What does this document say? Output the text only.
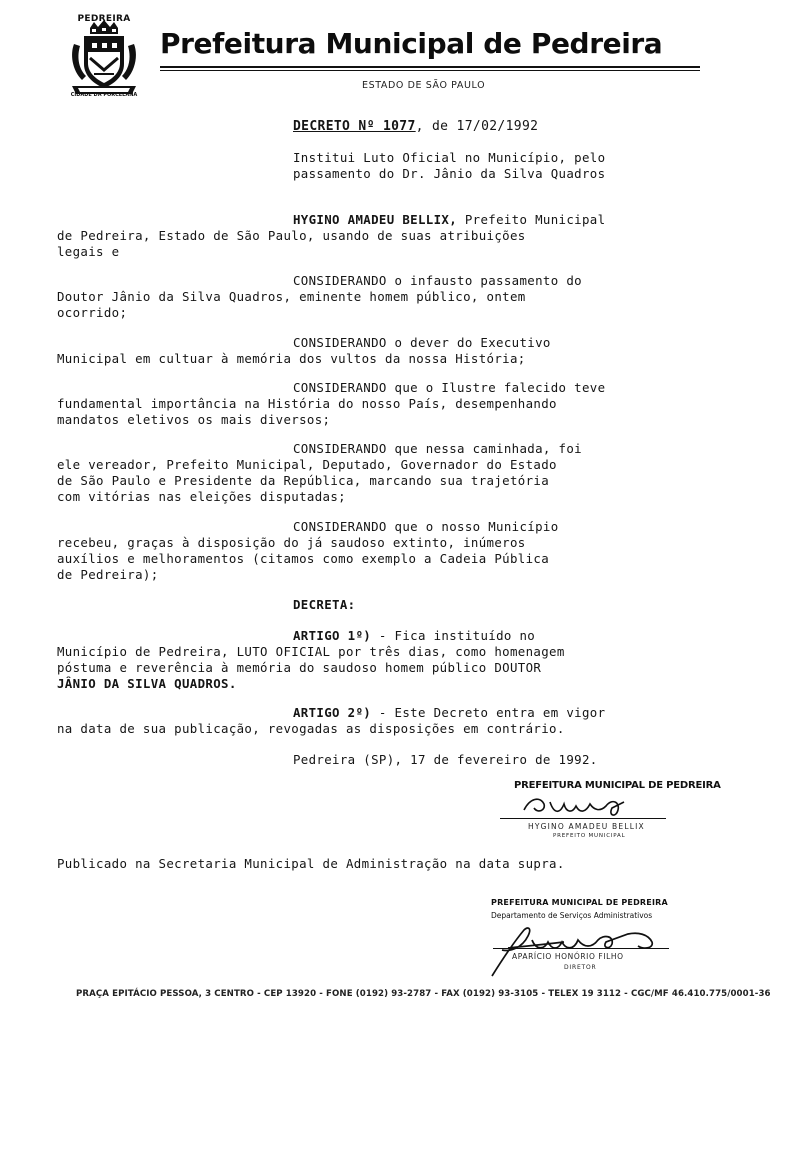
PEDREIRA
CIDADE DA PORCELANA
Prefeitura Municipal de Pedreira
ESTADO DE SÃO PAULO
DECRETO Nº 1077, de 17/02/1992
Institui Luto Oficial no Município, pelo
passamento do Dr. Jânio da Silva Quadros
HYGINO AMADEU BELLIX, Prefeito Municipal
de Pedreira, Estado de São Paulo, usando de suas atribuições
legais e
CONSIDERANDO o infausto passamento do
Doutor Jânio da Silva Quadros, eminente homem público, ontem
ocorrido;
CONSIDERANDO o dever do Executivo
Municipal em cultuar à memória dos vultos da nossa História;
CONSIDERANDO que o Ilustre falecido teve
fundamental importância na História do nosso País, desempenhando
mandatos eletivos os mais diversos;
CONSIDERANDO que nessa caminhada, foi
ele vereador, Prefeito Municipal, Deputado, Governador do Estado
de São Paulo e Presidente da República, marcando sua trajetória
com vitórias nas eleições disputadas;
CONSIDERANDO que o nosso Município
recebeu, graças à disposição do já saudoso extinto, inúmeros
auxílios e melhoramentos (citamos como exemplo a Cadeia Pública
de Pedreira);
DECRETA:
ARTIGO 1º) - Fica instituído no
Município de Pedreira, LUTO OFICIAL por três dias, como homenagem
póstuma e reverência à memória do saudoso homem público DOUTOR
JÂNIO DA SILVA QUADROS.
ARTIGO 2º) - Este Decreto entra em vigor
na data de sua publicação, revogadas as disposições em contrário.
Pedreira (SP), 17 de fevereiro de 1992.
PREFEITURA MUNICIPAL DE PEDREIRA
HYGINO AMADEU BELLIX
PREFEITO MUNICIPAL
Publicado na Secretaria Municipal de Administração na data supra.
PREFEITURA MUNICIPAL DE PEDREIRA
Departamento de Serviços Administrativos
APARÍCIO HONÓRIO FILHO
DIRETOR
PRAÇA EPITÁCIO PESSOA, 3 CENTRO - CEP 13920 - FONE (0192) 93-2787 - FAX (0192) 93-3105 - TELEX 19 3112 - CGC/MF 46.410.775/0001-36
